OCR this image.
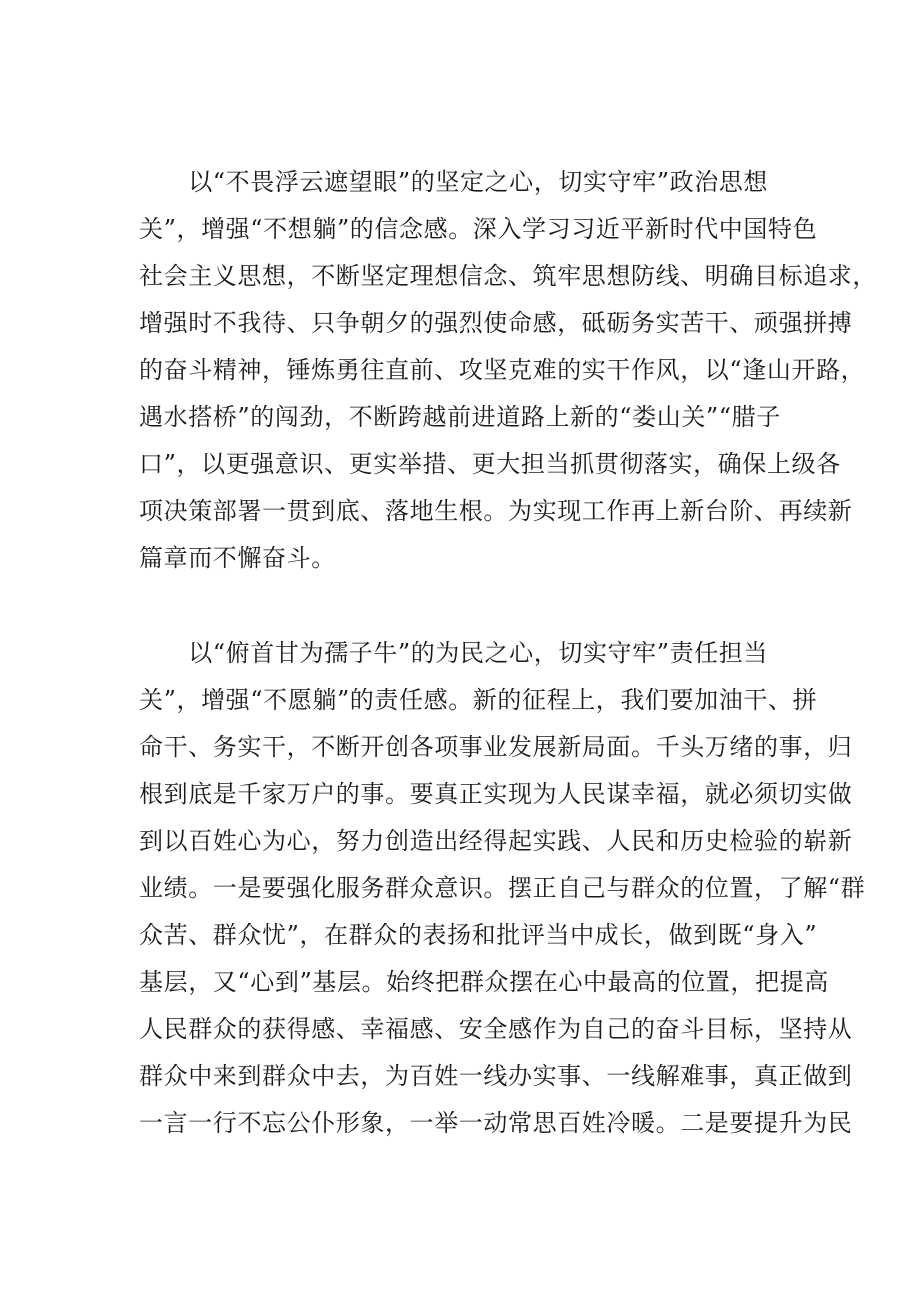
　　以“不畏浮云遮望眼”的坚定之心，切实守牢”政治思想
关”，增强“不想躺”的信念感。深入学习习近平新时代中国特色
社会主义思想，不断坚定理想信念、筑牢思想防线、明确目标追求，
增强时不我待、只争朝夕的强烈使命感，砥砺务实苦干、顽强拼搏
的奋斗精神，锤炼勇往直前、攻坚克难的实干作风，以“逢山开路，
遇水搭桥”的闯劲，不断跨越前进道路上新的“娄山关”“腊子
口”，以更强意识、更实举措、更大担当抓贯彻落实，确保上级各
项决策部署一贯到底、落地生根。为实现工作再上新台阶、再续新
篇章而不懈奋斗。
　　以“俯首甘为孺子牛”的为民之心，切实守牢”责任担当
关”，增强“不愿躺”的责任感。新的征程上，我们要加油干、拼
命干、务实干，不断开创各项事业发展新局面。千头万绪的事，归
根到底是千家万户的事。要真正实现为人民谋幸福，就必须切实做
到以百姓心为心，努力创造出经得起实践、人民和历史检验的崭新
业绩。一是要强化服务群众意识。摆正自己与群众的位置，了解“群
众苦、群众忧”，在群众的表扬和批评当中成长，做到既“身入”
基层，又“心到”基层。始终把群众摆在心中最高的位置，把提高
人民群众的获得感、幸福感、安全感作为自己的奋斗目标，坚持从
群众中来到群众中去，为百姓一线办实事、一线解难事，真正做到
一言一行不忘公仆形象，一举一动常思百姓冷暖。二是要提升为民
